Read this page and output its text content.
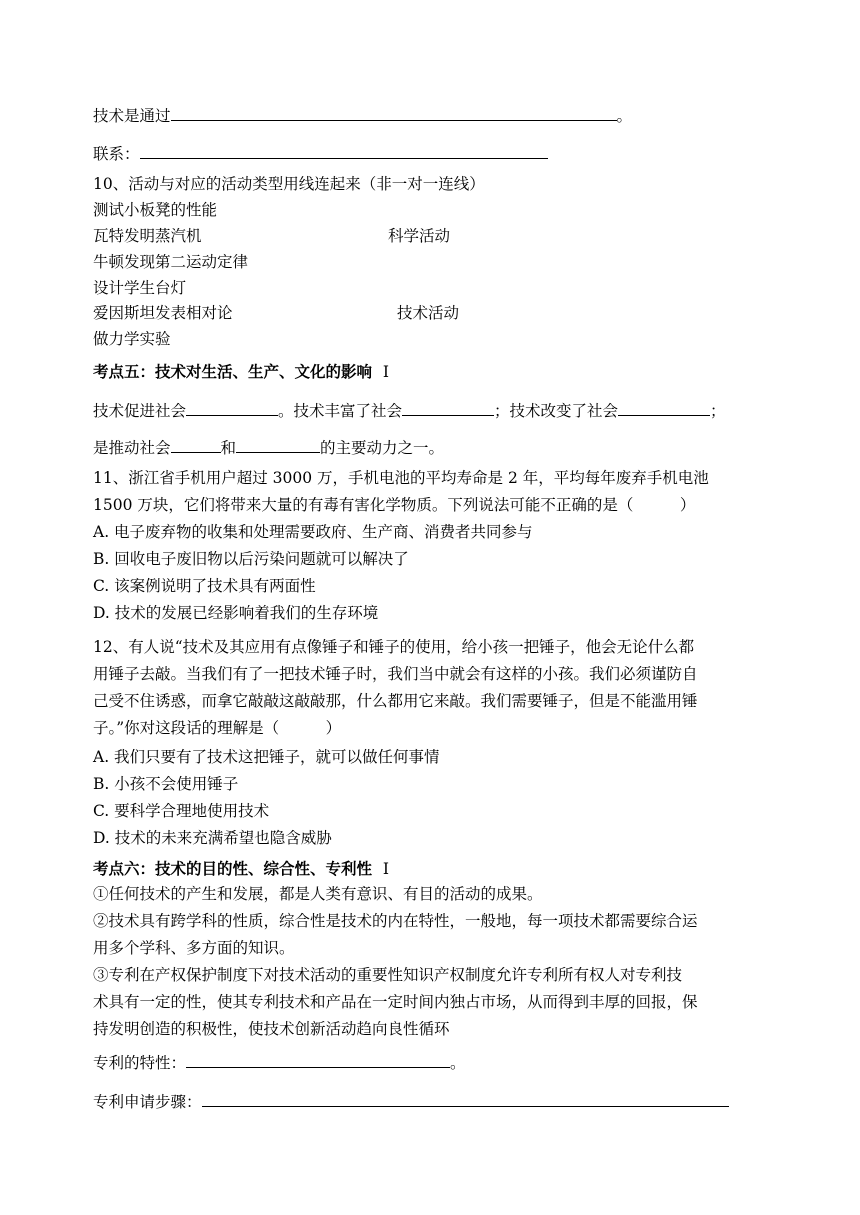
技术是通过	。
联系：
10、活动与对应的活动类型用线连起来（非一对一连线）
测试小板凳的性能
瓦特发明蒸汽机
牛顿发现第二运动定律
设计学生台灯
爱因斯坦发表相对论
做力学实验
科学活动
技术活动
考点五：技术对生活、生产、文化的影响 Ⅰ
技术促进社会	。技术丰富了社会	；技术改变了社会	；
是推动社会	和	的主要动力之一。
11、浙江省手机用户超过 3000 万，手机电池的平均寿命是 2 年，平均每年废弃手机电池
1500 万块，它们将带来大量的有毒有害化学物质。下列说法可能不正确的是（　　　）
A. 电子废弃物的收集和处理需要政府、生产商、消费者共同参与
B. 回收电子废旧物以后污染问题就可以解决了
C. 该案例说明了技术具有两面性
D. 技术的发展已经影响着我们的生存环境
12、有人说“技术及其应用有点像锤子和锤子的使用，给小孩一把锤子，他会无论什么都
用锤子去敲。当我们有了一把技术锤子时，我们当中就会有这样的小孩。我们必须谨防自
己受不住诱惑，而拿它敲敲这敲敲那，什么都用它来敲。我们需要锤子，但是不能滥用锤
子。”你对这段话的理解是（　　　）
A. 我们只要有了技术这把锤子，就可以做任何事情
B. 小孩不会使用锤子
C. 要科学合理地使用技术
D. 技术的未来充满希望也隐含威胁
考点六：技术的目的性、综合性、专利性 Ⅰ
①任何技术的产生和发展，都是人类有意识、有目的活动的成果。
②技术具有跨学科的性质，综合性是技术的内在特性，一般地，每一项技术都需要综合运
用多个学科、多方面的知识。
③专利在产权保护制度下对技术活动的重要性知识产权制度允许专利所有权人对专利技
术具有一定的性，使其专利技术和产品在一定时间内独占市场，从而得到丰厚的回报，保
持发明创造的积极性，使技术创新活动趋向良性循环
专利的特性：	。
专利申请步骤：
